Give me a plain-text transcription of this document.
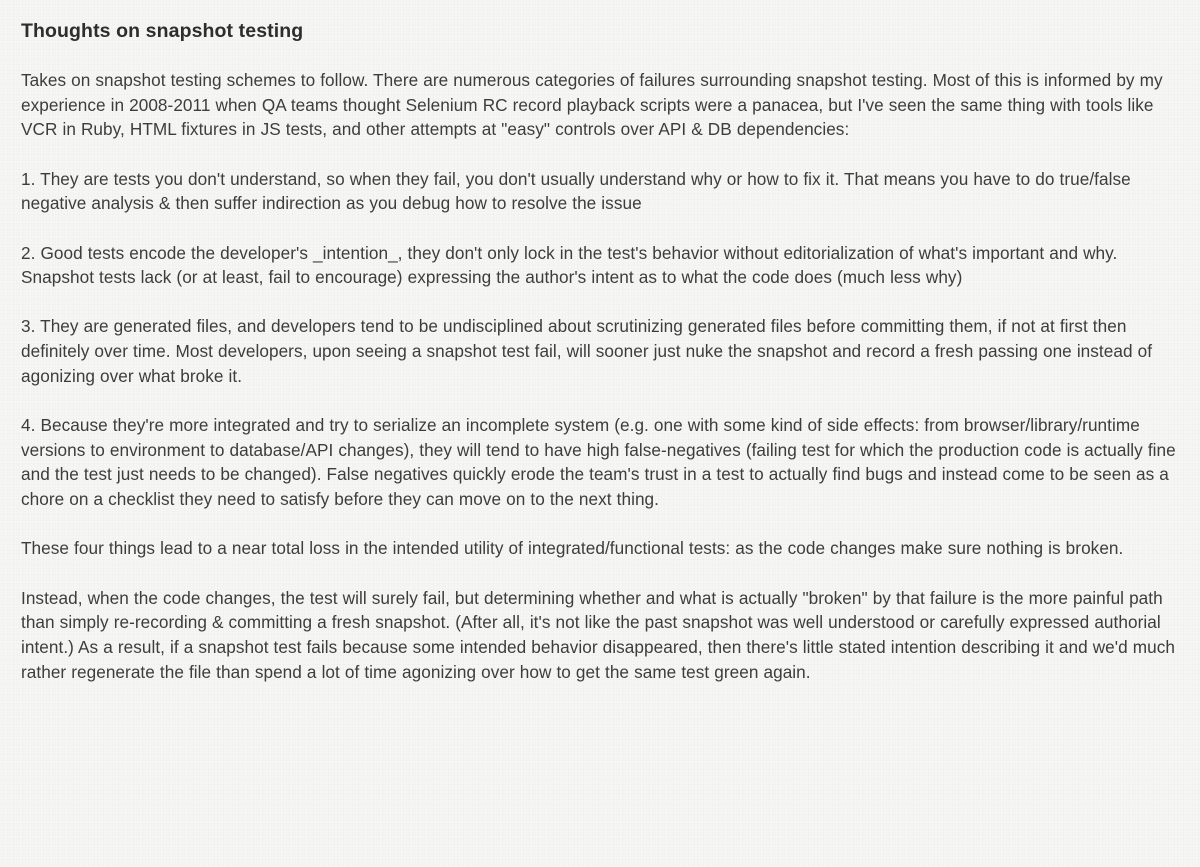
Thoughts on snapshot testing

Takes on snapshot testing schemes to follow. There are numerous categories of failures surrounding snapshot testing. Most of this is informed by my experience in 2008-2011 when QA teams thought Selenium RC record playback scripts were a panacea, but I've seen the same thing with tools like VCR in Ruby, HTML fixtures in JS tests, and other attempts at "easy" controls over API & DB dependencies:

1. They are tests you don't understand, so when they fail, you don't usually understand why or how to fix it. That means you have to do true/false negative analysis & then suffer indirection as you debug how to resolve the issue

2. Good tests encode the developer's _intention_, they don't only lock in the test's behavior without editorialization of what's important and why. Snapshot tests lack (or at least, fail to encourage) expressing the author's intent as to what the code does (much less why)

3. They are generated files, and developers tend to be undisciplined about scrutinizing generated files before committing them, if not at first then definitely over time. Most developers, upon seeing a snapshot test fail, will sooner just nuke the snapshot and record a fresh passing one instead of agonizing over what broke it.

4. Because they're more integrated and try to serialize an incomplete system (e.g. one with some kind of side effects: from browser/library/runtime versions to environment to database/API changes), they will tend to have high false-negatives (failing test for which the production code is actually fine and the test just needs to be changed). False negatives quickly erode the team's trust in a test to actually find bugs and instead come to be seen as a chore on a checklist they need to satisfy before they can move on to the next thing.

These four things lead to a near total loss in the intended utility of integrated/functional tests: as the code changes make sure nothing is broken.

Instead, when the code changes, the test will surely fail, but determining whether and what is actually "broken" by that failure is the more painful path than simply re-recording & committing a fresh snapshot. (After all, it's not like the past snapshot was well understood or carefully expressed authorial intent.) As a result, if a snapshot test fails because some intended behavior disappeared, then there's little stated intention describing it and we'd much rather regenerate the file than spend a lot of time agonizing over how to get the same test green again.
